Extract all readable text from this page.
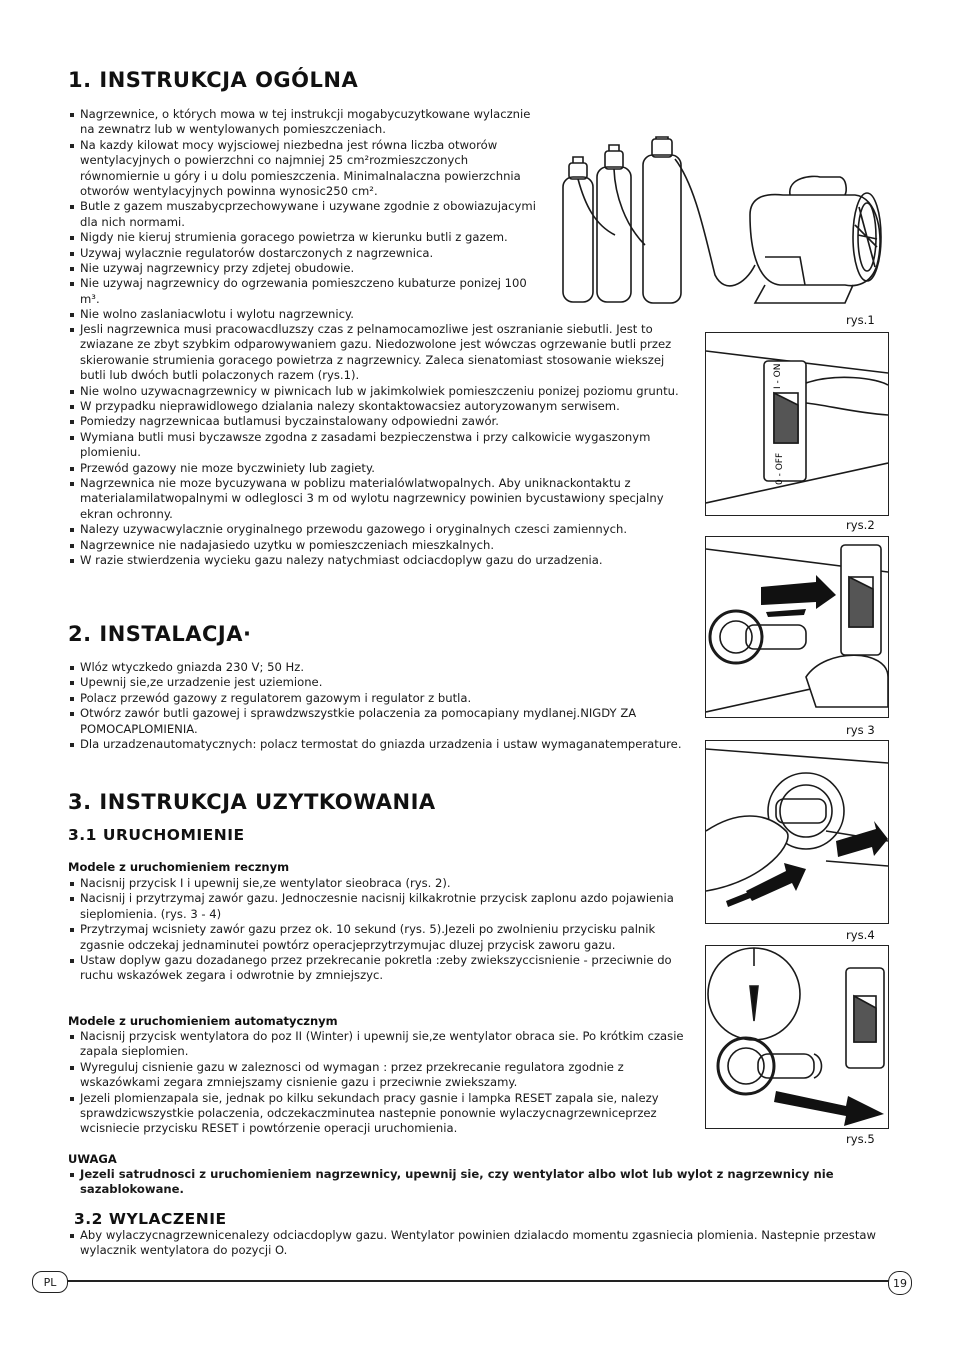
1. INSTRUKCJA OGÓLNA
Nagrzewnice, o których mowa w tej instrukcji mogabycuzytkowane wylacznie na zewnatrz lub w wentylowanych pomieszczeniach.
Na kazdy kilowat mocy wyjsciowej niezbedna jest równa liczba otworów wentylacyjnych o powierzchni co najmniej 25 cm²rozmieszczonych równomiernie u góry i u dolu pomieszczenia. Minimalnalaczna powierzchnia otworów wentylacyjnych powinna wynosic250 cm².
Butle z gazem muszabycprzechowywane i uzywane zgodnie z obowiazujacymi dla nich normami.
Nigdy nie kieruj strumienia goracego powietrza w kierunku butli z gazem.
Uzywaj wylacznie regulatorów dostarczonych z nagrzewnica.
Nie uzywaj nagrzewnicy przy zdjetej obudowie.
Nie uzywaj nagrzewnicy do ogrzewania pomieszczeno kubaturze ponizej 100 m³.
Nie wolno zaslaniacwlotu i wylotu nagrzewnicy.
Jesli nagrzewnica musi pracowacdluzszy czas z pelnamocamozliwe jest oszranianie siebutli. Jest to zwiazane ze zbyt szybkim odparowywaniem gazu. Niedozwolone jest wówczas ogrzewanie butli przez skierowanie strumienia goracego powietrza z nagrzewnicy. Zaleca sienatomiast stosowanie wiekszej butli lub dwóch butli polaczonych razem (rys.1).
Nie wolno uzywacnagrzewnicy w piwnicach lub w jakimkolwiek pomieszczeniu ponizej poziomu gruntu.
W przypadku nieprawidlowego dzialania nalezy skontaktowacsiez autoryzowanym serwisem.
Pomiedzy nagrzewnicaa butlamusi byczainstalowany odpowiedni zawór.
Wymiana butli musi byczawsze zgodna z zasadami bezpieczenstwa i przy calkowicie wygaszonym plomieniu.
Przewód gazowy nie moze byczwiniety lub zagiety.
Nagrzewnica nie moze bycuzywana w poblizu materialówlatwopalnych. Aby uniknackontaktu z materialamilatwopalnymi w odleglosci 3 m od wylotu nagrzewnicy powinien bycustawiony specjalny ekran ochronny.
Nalezy uzywacwylacznie oryginalnego przewodu gazowego i oryginalnych czesci zamiennych.
Nagrzewnice nie nadajasiedo uzytku w pomieszczeniach mieszkalnych.
W razie stwierdzenia wycieku gazu nalezy natychmiast odciacdoplyw gazu do urzadzenia.
rys.1
I - ON
0 - OFF
rys.2
rys 3
rys.4
rys.5
2. INSTALACJA·
Wlóz wtyczkedo gniazda 230 V; 50 Hz.
Upewnij sie,ze urzadzenie jest uziemione.
Polacz przewód gazowy z regulatorem gazowym i regulator z butla.
Otwórz zawór butli gazowej i sprawdzwszystkie polaczenia za pomocapiany mydlanej.NIGDY ZA POMOCAPLOMIENIA.
Dla urzadzenautomatycznych: polacz termostat do gniazda urzadzenia i ustaw wymaganatemperature.
3. INSTRUKCJA UZYTKOWANIA
3.1 URUCHOMIENIE
Modele z uruchomieniem recznym
Nacisnij przycisk I i upewnij sie,ze wentylator sieobraca (rys. 2).
Nacisnij i przytrzymaj zawór gazu. Jednoczesnie nacisnij kilkakrotnie przycisk zaplonu azdo pojawienia sieplomienia. (rys. 3 - 4)
Przytrzymaj wcisniety zawór gazu przez ok. 10 sekund (rys. 5).Jezeli po zwolnieniu przycisku palnik zgasnie odczekaj jednaminutei powtórz operacjeprzytrzymujac dluzej przycisk zaworu gazu.
Ustaw doplyw gazu dozadanego przez przekrecanie pokretla :zeby zwiekszyccisnienie - przeciwnie do ruchu wskazówek zegara i odwrotnie by zmniejszyc.
Modele z uruchomieniem automatycznym
Nacisnij przycisk wentylatora do poz II (Winter) i upewnij sie,ze wentylator obraca sie. Po krótkim czasie zapala sieplomien.
Wyreguluj cisnienie gazu w zaleznosci od wymagan : przez przekrecanie regulatora zgodnie z wskazówkami zegara zmniejszamy cisnienie gazu i przeciwnie zwiekszamy.
Jezeli plomienzapala sie, jednak po kilku sekundach pracy gasnie i lampka RESET zapala sie, nalezy sprawdzicwszystkie polaczenia, odczekaczminutea nastepnie ponownie wylaczycnagrzewniceprzez wcisniecie przycisku RESET i powtórzenie operacji uruchomienia.
UWAGA
Jezeli satrudnosci z uruchomieniem nagrzewnicy, upewnij sie, czy wentylator albo wlot lub wylot z nagrzewnicy nie sazablokowane.
3.2 WYLACZENIE
Aby wylaczycnagrzewnicenalezy odciacdoplyw gazu. Wentylator powinien dzialacdo momentu zgasniecia plomienia. Nastepnie przestaw wylacznik wentylatora do pozycji O.
PL	19
